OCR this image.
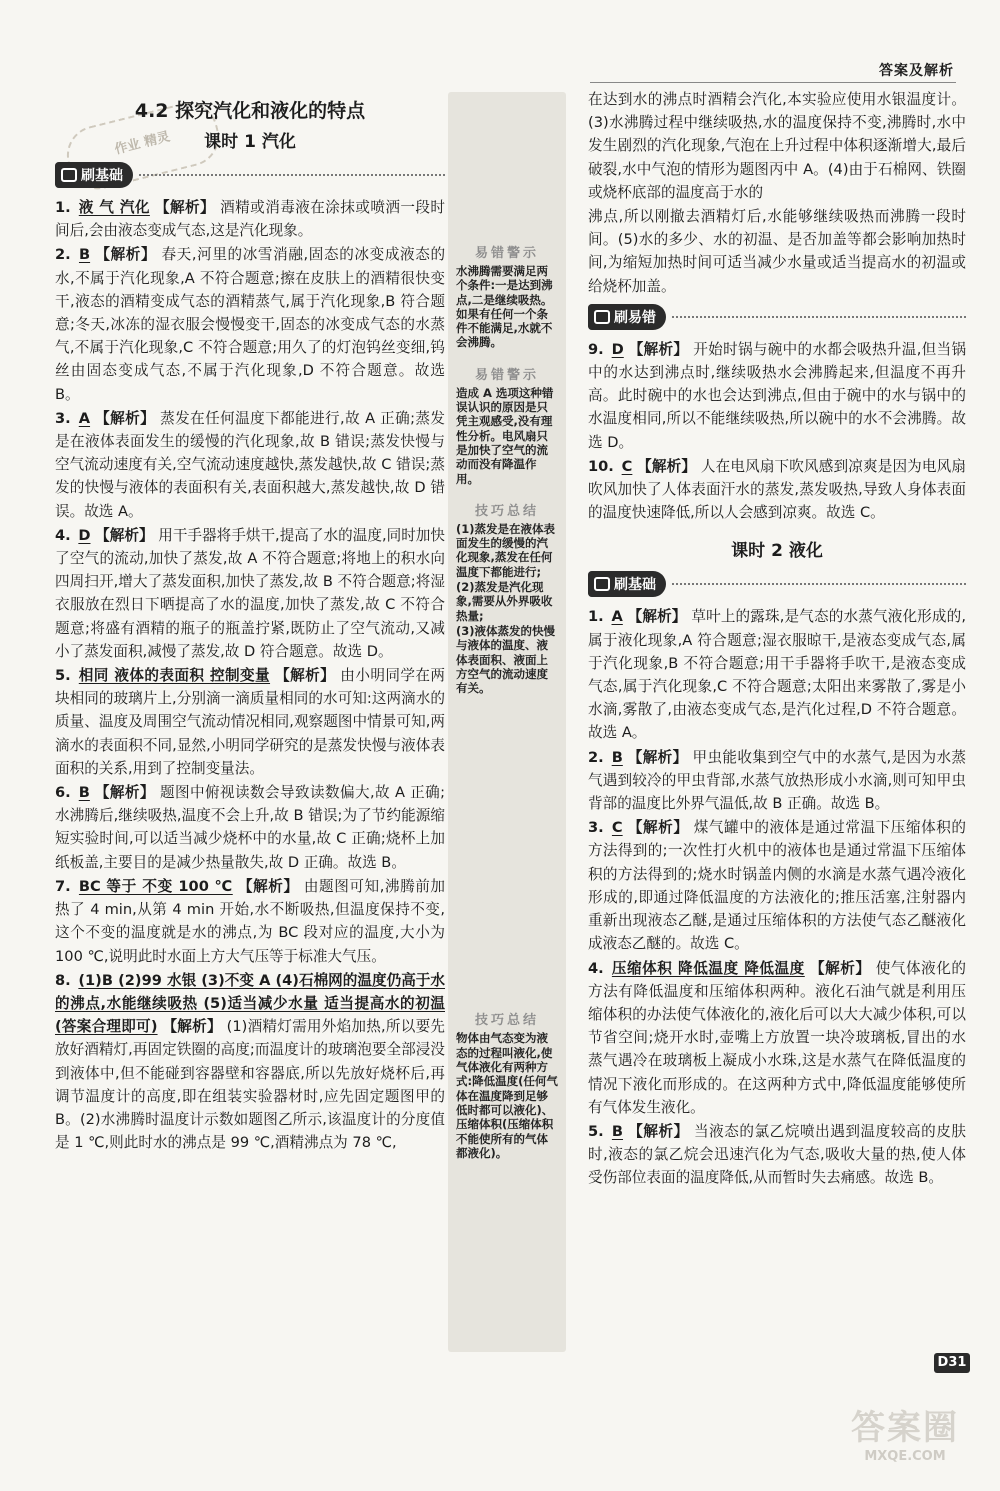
答案及解析
作业 精灵
4.2 探究汽化和液化的特点
课时 1 汽化
刷基础

1. 液 气 汽化 【解析】 酒精或消毒液在涂抹或喷洒一段时间后,会由液态变成气态,这是汽化现象。

2. B 【解析】 春天,河里的冰雪消融,固态的冰变成液态的水,不属于汽化现象,A 不符合题意;擦在皮肤上的酒精很快变干,液态的酒精变成气态的酒精蒸气,属于汽化现象,B 符合题意;冬天,冰冻的湿衣服会慢慢变干,固态的冰变成气态的水蒸气,不属于汽化现象,C 不符合题意;用久了的灯泡钨丝变细,钨丝由固态变成气态,不属于汽化现象,D 不符合题意。故选 B。

3. A 【解析】 蒸发在任何温度下都能进行,故 A 正确;蒸发是在液体表面发生的缓慢的汽化现象,故 B 错误;蒸发快慢与空气流动速度有关,空气流动速度越快,蒸发越快,故 C 错误;蒸发的快慢与液体的表面积有关,表面积越大,蒸发越快,故 D 错误。故选 A。

4. D 【解析】 用干手器将手烘干,提高了水的温度,同时加快了空气的流动,加快了蒸发,故 A 不符合题意;将地上的积水向四周扫开,增大了蒸发面积,加快了蒸发,故 B 不符合题意;将湿衣服放在烈日下晒提高了水的温度,加快了蒸发,故 C 不符合题意;将盛有酒精的瓶子的瓶盖拧紧,既防止了空气流动,又减小了蒸发面积,减慢了蒸发,故 D 符合题意。故选 D。

5. 相同 液体的表面积 控制变量 【解析】 由小明同学在两块相同的玻璃片上,分别滴一滴质量相同的水可知:这两滴水的质量、温度及周围空气流动情况相同,观察题图中情景可知,两滴水的表面积不同,显然,小明同学研究的是蒸发快慢与液体表面积的关系,用到了控制变量法。

6. B 【解析】 题图中俯视读数会导致读数偏大,故 A 正确;水沸腾后,继续吸热,温度不会上升,故 B 错误;为了节约能源缩短实验时间,可以适当减少烧杯中的水量,故 C 正确;烧杯上加纸板盖,主要目的是减少热量散失,故 D 正确。故选 B。

7. BC 等于 不变 100 ℃ 【解析】 由题图可知,沸腾前加热了 4 min,从第 4 min 开始,水不断吸热,但温度保持不变,这个不变的温度就是水的沸点,为 BC 段对应的温度,大小为 100 ℃,说明此时水面上方大气压等于标准大气压。

8. (1)B (2)99 水银 (3)不变 A (4)石棉网的温度仍高于水的沸点,水能继续吸热 (5)适当减少水量 适当提高水的初温(答案合理即可) 【解析】 (1)酒精灯需用外焰加热,所以要先放好酒精灯,再固定铁圈的高度;而温度计的玻璃泡要全部浸没到液体中,但不能碰到容器壁和容器底,所以先放好烧杯后,再调节温度计的高度,即在组装实验器材时,应先固定题图甲的 B。(2)水沸腾时温度计示数如题图乙所示,该温度计的分度值是 1 ℃,则此时水的沸点是 99 ℃,酒精沸点为 78 ℃,

易错警示

水沸腾需要满足两个条件:一是达到沸点,二是继续吸热。如果有任何一个条件不能满足,水就不会沸腾。

易错警示

造成 A 选项这种错误认识的原因是只凭主观感受,没有理性分析。电风扇只是加快了空气的流动而没有降温作用。

技巧总结

(1)蒸发是在液体表面发生的缓慢的汽化现象,蒸发在任何温度下都能进行;

(2)蒸发是汽化现象,需要从外界吸收热量;

(3)液体蒸发的快慢与液体的温度、液体表面积、液面上方空气的流动速度有关。

技巧总结

物体由气态变为液态的过程叫液化,使气体液化有两种方式:降低温度(任何气体在温度降到足够低时都可以液化)、压缩体积(压缩体积不能使所有的气体都液化)。

在达到水的沸点时酒精会汽化,本实验应使用水银温度计。(3)水沸腾过程中继续吸热,水的温度保持不变,沸腾时,水中发生剧烈的汽化现象,气泡在上升过程中体积逐渐增大,最后破裂,水中气泡的情形为题图丙中 A。(4)由于石棉网、铁圈或烧杯底部的温度高于水的

沸点,所以刚撤去酒精灯后,水能够继续吸热而沸腾一段时间。(5)水的多少、水的初温、是否加盖等都会影响加热时间,为缩短加热时间可适当减少水量或适当提高水的初温或给烧杯加盖。

刷易错

9. D 【解析】 开始时锅与碗中的水都会吸热升温,但当锅中的水达到沸点时,继续吸热水会沸腾起来,但温度不再升高。此时碗中的水也会达到沸点,但由于碗中的水与锅中的水温度相同,所以不能继续吸热,所以碗中的水不会沸腾。故选 D。

10. C 【解析】 人在电风扇下吹风感到凉爽是因为电风扇吹风加快了人体表面汗水的蒸发,蒸发吸热,导致人身体表面的温度快速降低,所以人会感到凉爽。故选 C。

课时 2 液化
刷基础

1. A 【解析】 草叶上的露珠,是气态的水蒸气液化形成的,属于液化现象,A 符合题意;湿衣服晾干,是液态变成气态,属于汽化现象,B 不符合题意;用干手器将手吹干,是液态变成气态,属于汽化现象,C 不符合题意;太阳出来雾散了,雾是小水滴,雾散了,由液态变成气态,是汽化过程,D 不符合题意。故选 A。

2. B 【解析】 甲虫能收集到空气中的水蒸气,是因为水蒸气遇到较冷的甲虫背部,水蒸气放热形成小水滴,则可知甲虫背部的温度比外界气温低,故 B 正确。故选 B。

3. C 【解析】 煤气罐中的液体是通过常温下压缩体积的方法得到的;一次性打火机中的液体也是通过常温下压缩体积的方法得到的;烧水时锅盖内侧的水滴是水蒸气遇冷液化形成的,即通过降低温度的方法液化的;推压活塞,注射器内重新出现液态乙醚,是通过压缩体积的方法使气态乙醚液化成液态乙醚的。故选 C。

4. 压缩体积 降低温度 降低温度 【解析】 使气体液化的方法有降低温度和压缩体积两种。液化石油气就是利用压缩体积的办法使气体液化的,液化后可以大大减少体积,可以节省空间;烧开水时,壶嘴上方放置一块冷玻璃板,冒出的水蒸气遇冷在玻璃板上凝成小水珠,这是水蒸气在降低温度的情况下液化而形成的。在这两种方式中,降低温度能够使所有气体发生液化。

5. B 【解析】 当液态的氯乙烷喷出遇到温度较高的皮肤时,液态的氯乙烷会迅速汽化为气态,吸收大量的热,使人体受伤部位表面的温度降低,从而暂时失去痛感。故选 B。

D31
答案圈
MXQE.COM
